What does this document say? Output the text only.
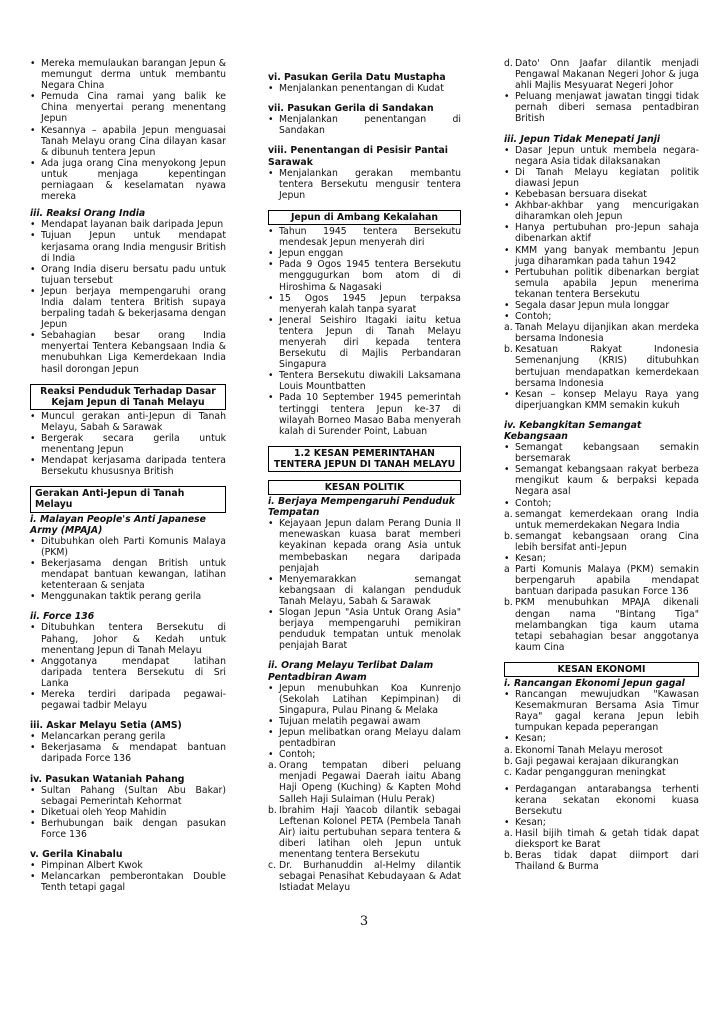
• Mereka memulaukan barangan Jepun & memungut derma untuk membantu Negara China
• Pemuda Cina ramai yang balik ke China menyertai perang menentang Jepun
• Kesannya – apabila Jepun menguasai Tanah Melayu orang Cina dilayan kasar & dibunuh tentera Jepun
• Ada juga orang Cina menyokong Jepun untuk menjaga kepentingan perniagaan & keselamatan nyawa mereka
iii. Reaksi Orang India
• Mendapat layanan baik daripada Jepun
• Tujuan Jepun untuk mendapat kerjasama orang India mengusir British di India
• Orang India diseru bersatu padu untuk tujuan tersebut
• Jepun berjaya mempengaruhi orang India dalam tentera British supaya berpaling tadah & bekerjasama dengan Jepun
• Sebahagian besar orang India menyertai Tentera Kebangsaan India & menubuhkan Liga Kemerdekaan India hasil dorongan Jepun
Reaksi Penduduk Terhadap Dasar Kejam Jepun di Tanah Melayu
• Muncul gerakan anti-Jepun di Tanah Melayu, Sabah & Sarawak
• Bergerak secara gerila untuk menentang Jepun
• Mendapat kerjasama daripada tentera Bersekutu khususnya British
Gerakan Anti-Jepun di Tanah Melayu
i. Malayan People's Anti Japanese Army (MPAJA)
• Ditubuhkan oleh Parti Komunis Malaya (PKM)
• Bekerjasama dengan British untuk mendapat bantuan kewangan, latihan ketenteraan & senjata
• Menggunakan taktik perang gerila
ii. Force 136
• Ditubuhkan tentera Bersekutu di Pahang, Johor & Kedah untuk menentang Jepun di Tanah Melayu
• Anggotanya mendapat latihan daripada tentera Bersekutu di Sri Lanka
• Mereka terdiri daripada pegawai-pegawai tadbir Melayu
iii. Askar Melayu Setia (AMS)
• Melancarkan perang gerila
• Bekerjasama & mendapat bantuan daripada Force 136
iv. Pasukan Wataniah Pahang
• Sultan Pahang (Sultan Abu Bakar) sebagai Pemerintah Kehormat
• Diketuai oleh Yeop Mahidin
• Berhubungan baik dengan pasukan Force 136
v. Gerila Kinabalu
• Pimpinan Albert Kwok
• Melancarkan pemberontakan Double Tenth tetapi gagal
vi. Pasukan Gerila Datu Mustapha
• Menjalankan penentangan di Kudat
vii. Pasukan Gerila di Sandakan
• Menjalankan penentangan di Sandakan
viii. Penentangan di Pesisir Pantai Sarawak
• Menjalankan gerakan membantu tentera Bersekutu mengusir tentera Jepun
Jepun di Ambang Kekalahan
• Tahun 1945 tentera Bersekutu mendesak Jepun menyerah diri
• Jepun enggan
• Pada 9 Ogos 1945 tentera Bersekutu menggugurkan bom atom di di Hiroshima & Nagasaki
• 15 Ogos 1945 Jepun terpaksa menyerah kalah tanpa syarat
• Jeneral Seishiro Itagaki iaitu ketua tentera Jepun di Tanah Melayu menyerah diri kepada tentera Bersekutu di Majlis Perbandaran Singapura
• Tentera Bersekutu diwakili Laksamana Louis Mountbatten
• Pada 10 September 1945 pemerintah tertinggi tentera Jepun ke-37 di wilayah Borneo Masao Baba menyerah kalah di Surender Point, Labuan
1.2 KESAN PEMERINTAHAN TENTERA JEPUN DI TANAH MELAYU
KESAN POLITIK
i. Berjaya Mempengaruhi Penduduk Tempatan
• Kejayaan Jepun dalam Perang Dunia II menewaskan kuasa barat memberi keyakinan kepada orang Asia untuk membebaskan negara daripada penjajah
• Menyemarakkan semangat kebangsaan di kalangan penduduk Tanah Melayu, Sabah & Sarawak
• Slogan Jepun "Asia Untuk Orang Asia" berjaya mempengaruhi pemikiran penduduk tempatan untuk menolak penjajah Barat
ii. Orang Melayu Terlibat Dalam Pentadbiran Awam
• Jepun menubuhkan Koa Kunrenjo (Sekolah Latihan Kepimpinan) di Singapura, Pulau Pinang & Melaka
• Tujuan melatih pegawai awam
• Jepun melibatkan orang Melayu dalam pentadbiran
• Contoh;
a. Orang tempatan diberi peluang menjadi Pegawai Daerah iaitu Abang Haji Openg (Kuching) & Kapten Mohd Salleh Haji Sulaiman (Hulu Perak)
b. Ibrahim Haji Yaacob dilantik sebagai Leftenan Kolonel PETA (Pembela Tanah Air) iaitu pertubuhan separa tentera & diberi latihan oleh Jepun untuk menentang tentera Bersekutu
c. Dr. Burhanuddin al-Helmy dilantik sebagai Penasihat Kebudayaan & Adat Istiadat Melayu
d. Dato' Onn Jaafar dilantik menjadi Pengawal Makanan Negeri Johor & juga ahli Majlis Mesyuarat Negeri Johor
• Peluang menjawat jawatan tinggi tidak pernah diberi semasa pentadbiran British
iii. Jepun Tidak Menepati Janji
• Dasar Jepun untuk membela negara-negara Asia tidak dilaksanakan
• Di Tanah Melayu kegiatan politik diawasi Jepun
• Kebebasan bersuara disekat
• Akhbar-akhbar yang mencurigakan diharamkan oleh Jepun
• Hanya pertubuhan pro-Jepun sahaja dibenarkan aktif
• KMM yang banyak membantu Jepun juga diharamkan pada tahun 1942
• Pertubuhan politik dibenarkan bergiat semula apabila Jepun menerima tekanan tentera Bersekutu
• Segala dasar Jepun mula longgar
• Contoh;
a. Tanah Melayu dijanjikan akan merdeka bersama Indonesia
b. Kesatuan Rakyat Indonesia Semenanjung (KRIS) ditubuhkan bertujuan mendapatkan kemerdekaan bersama Indonesia
• Kesan – konsep Melayu Raya yang diperjuangkan KMM semakin kukuh
iv. Kebangkitan Semangat Kebangsaan
• Semangat kebangsaan semakin bersemarak
• Semangat kebangsaan rakyat berbeza mengikut kaum & berpaksi kepada Negara asal
• Contoh;
a. semangat kemerdekaan orang India untuk memerdekakan Negara India
b. semangat kebangsaan orang Cina lebih bersifat anti-Jepun
• Kesan;
a Parti Komunis Malaya (PKM) semakin berpengaruh apabila mendapat bantuan daripada pasukan Force 136
b. PKM menubuhkan MPAJA dikenali dengan nama "Bintang Tiga" melambangkan tiga kaum utama tetapi sebahagian besar anggotanya kaum Cina
KESAN EKONOMI
i. Rancangan Ekonomi Jepun gagal
• Rancangan mewujudkan "Kawasan Kesemakmuran Bersama Asia Timur Raya" gagal kerana Jepun lebih tumpukan kepada peperangan
• Kesan;
a. Ekonomi Tanah Melayu merosot
b. Gaji pegawai kerajaan dikurangkan
c. Kadar pengangguran meningkat
• Perdagangan antarabangsa terhenti kerana sekatan ekonomi kuasa Bersekutu
• Kesan;
a. Hasil bijih timah & getah tidak dapat dieksport ke Barat
b. Beras tidak dapat diimport dari Thailand & Burma
3
